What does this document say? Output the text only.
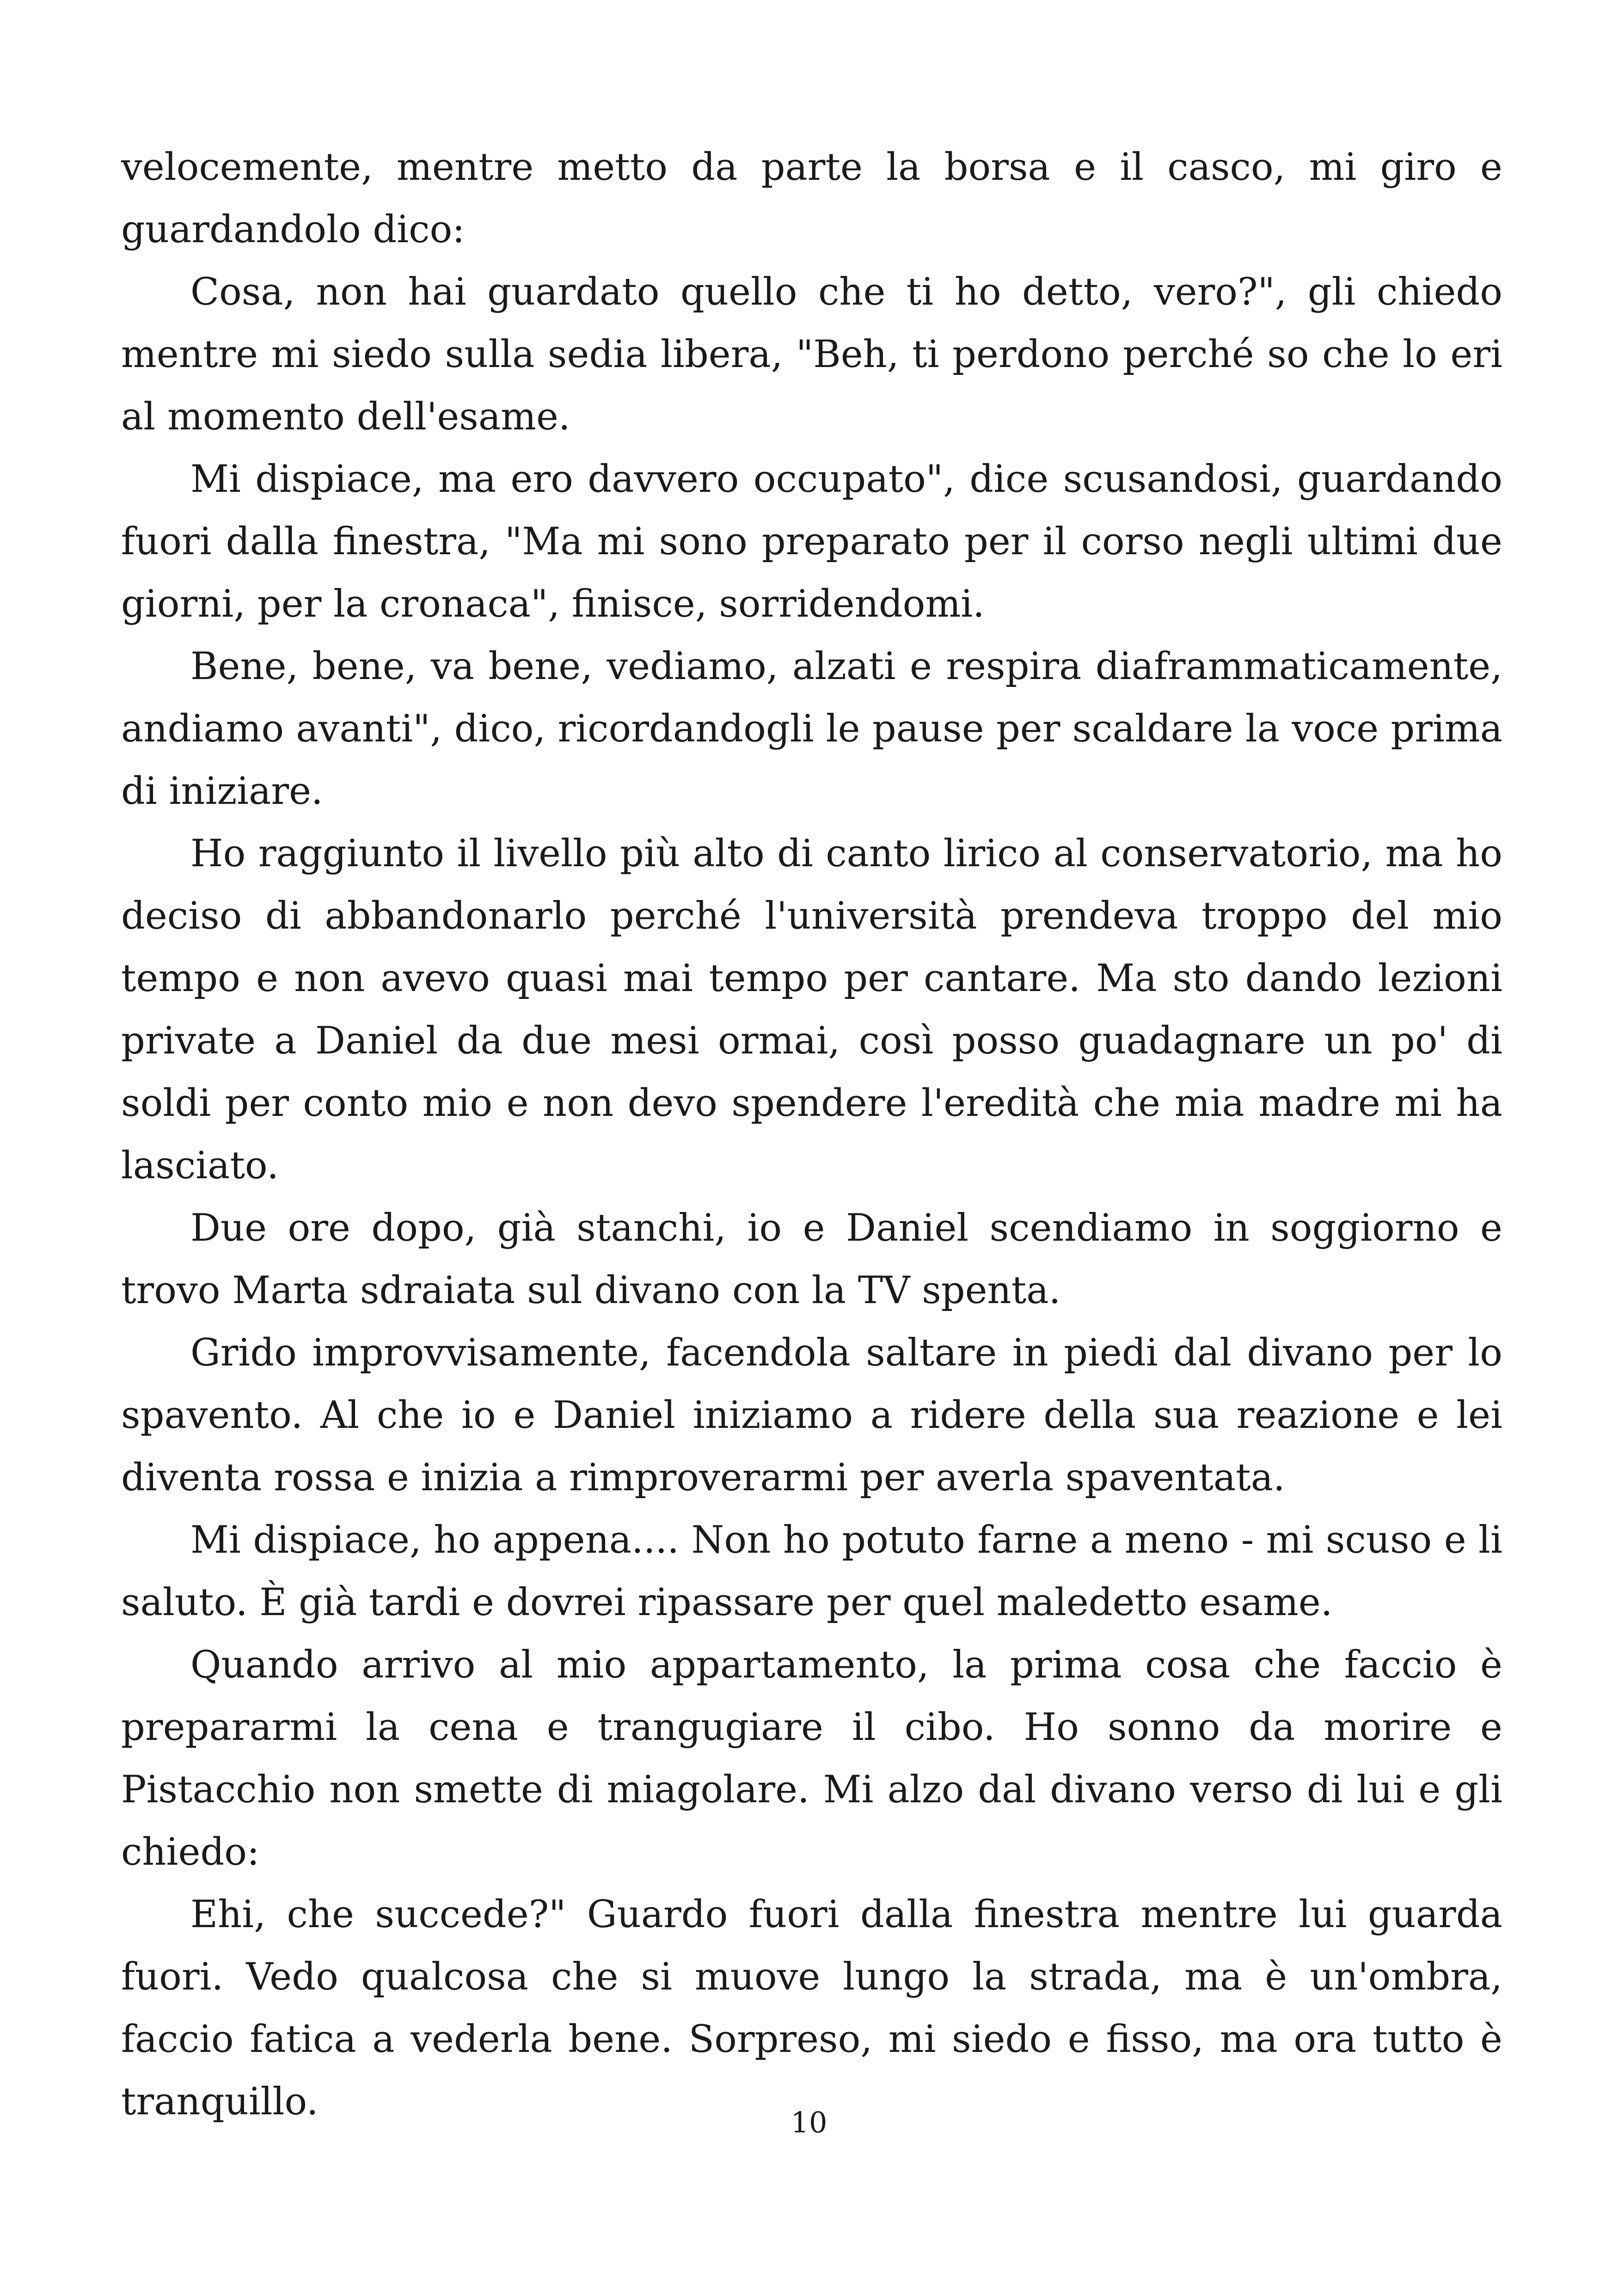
velocemente, mentre metto da parte la borsa e il casco, mi giro e guardandolo dico:

Cosa, non hai guardato quello che ti ho detto, vero?", gli chiedo mentre mi siedo sulla sedia libera, "Beh, ti perdono perché so che lo eri al momento dell'esame.

Mi dispiace, ma ero davvero occupato", dice scusandosi, guardando fuori dalla finestra, "Ma mi sono preparato per il corso negli ultimi due giorni, per la cronaca", finisce, sorridendomi.

Bene, bene, va bene, vediamo, alzati e respira diaframmaticamente, andiamo avanti", dico, ricordandogli le pause per scaldare la voce prima di iniziare.

Ho raggiunto il livello più alto di canto lirico al conservatorio, ma ho deciso di abbandonarlo perché l'università prendeva troppo del mio tempo e non avevo quasi mai tempo per cantare. Ma sto dando lezioni private a Daniel da due mesi ormai, così posso guadagnare un po' di soldi per conto mio e non devo spendere l'eredità che mia madre mi ha lasciato.

Due ore dopo, già stanchi, io e Daniel scendiamo in soggiorno e trovo Marta sdraiata sul divano con la TV spenta.

Grido improvvisamente, facendola saltare in piedi dal divano per lo spavento. Al che io e Daniel iniziamo a ridere della sua reazione e lei diventa rossa e inizia a rimproverarmi per averla spaventata.

Mi dispiace, ho appena.... Non ho potuto farne a meno - mi scuso e li saluto. È già tardi e dovrei ripassare per quel maledetto esame.

Quando arrivo al mio appartamento, la prima cosa che faccio è prepararmi la cena e trangugiare il cibo. Ho sonno da morire e Pistacchio non smette di miagolare. Mi alzo dal divano verso di lui e gli chiedo:

Ehi, che succede?" Guardo fuori dalla finestra mentre lui guarda fuori. Vedo qualcosa che si muove lungo la strada, ma è un'ombra, faccio fatica a vederla bene. Sorpreso, mi siedo e fisso, ma ora tutto è tranquillo.	10
